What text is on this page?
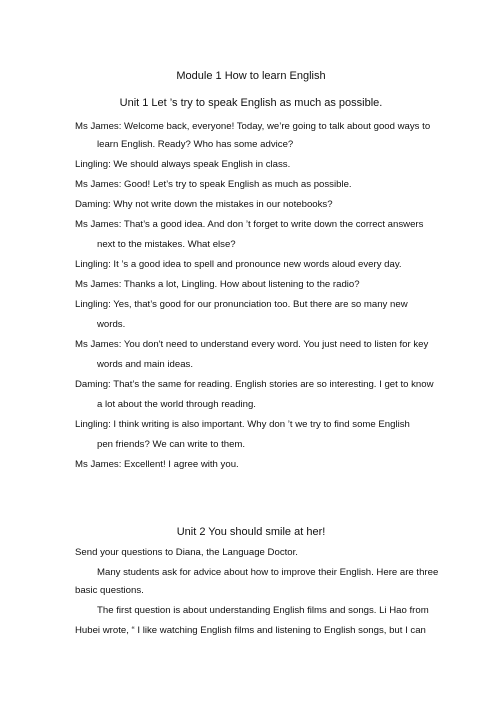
Module 1 How to learn English
Unit 1 Let ’s try to speak English as much as possible.
Ms James: Welcome back, everyone! Today, we’re going to talk about good ways to
learn English. Ready? Who has some advice?
Lingling: We should always speak English in class.
Ms James: Good! Let’s try to speak English as much as possible.
Daming: Why not write down the mistakes in our notebooks?
Ms James: That’s a good idea. And don ’t forget to write down the correct answers
next to the mistakes. What else?
Lingling: It ’s a good idea to spell and pronounce new words aloud every day.
Ms James: Thanks a lot, Lingling. How about listening to the radio?
Lingling: Yes, that’s good for our pronunciation too. But there are so many new
words.
Ms James: You don't need to understand every word. You just need to listen for key
words and main ideas.
Daming: That’s the same for reading. English stories are so interesting. I get to know
a lot about the world through reading.
Lingling: I think writing is also important. Why don ’t we try to find some English
pen friends? We can write to them.
Ms James: Excellent! I agree with you.
Unit 2 You should smile at her!
Send your questions to Diana, the Language Doctor.
Many students ask for advice about how to improve their English. Here are three
basic questions.
The first question is about understanding English films and songs. Li Hao from
Hubei wrote, “ I like watching English films and listening to English songs, but I can
